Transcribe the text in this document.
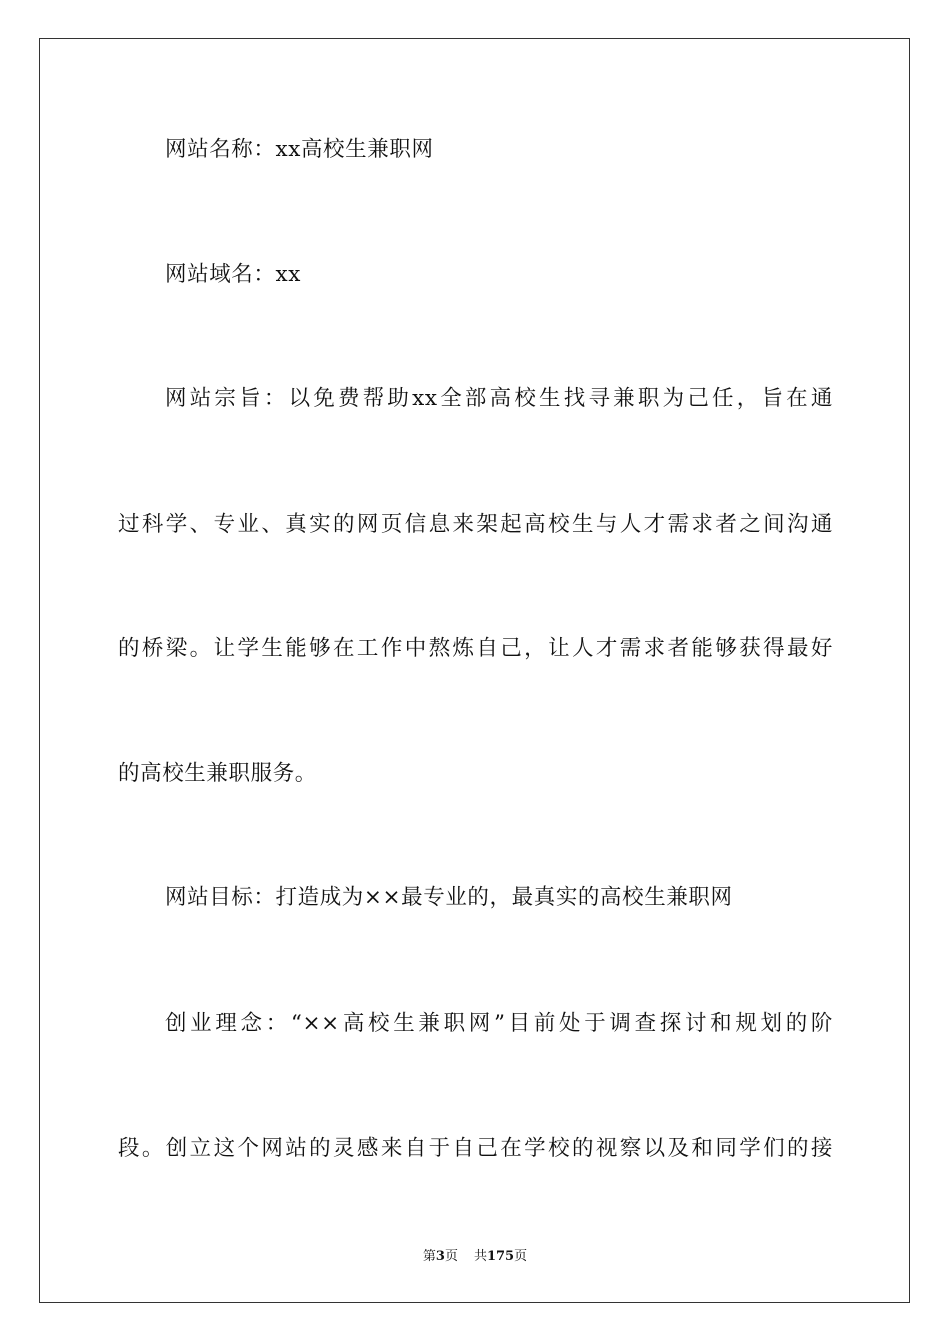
网站名称：xx高校生兼职网
网站域名：xx
网站宗旨：以免费帮助xx全部高校生找寻兼职为己任，旨在通
过科学、专业、真实的网页信息来架起高校生与人才需求者之间沟通
的桥梁。让学生能够在工作中熬炼自己，让人才需求者能够获得最好
的高校生兼职服务。
网站目标：打造成为××最专业的，最真实的高校生兼职网
创业理念：“××高校生兼职网”目前处于调查探讨和规划的阶
段。创立这个网站的灵感来自于自己在学校的视察以及和同学们的接
第3页 共175页
